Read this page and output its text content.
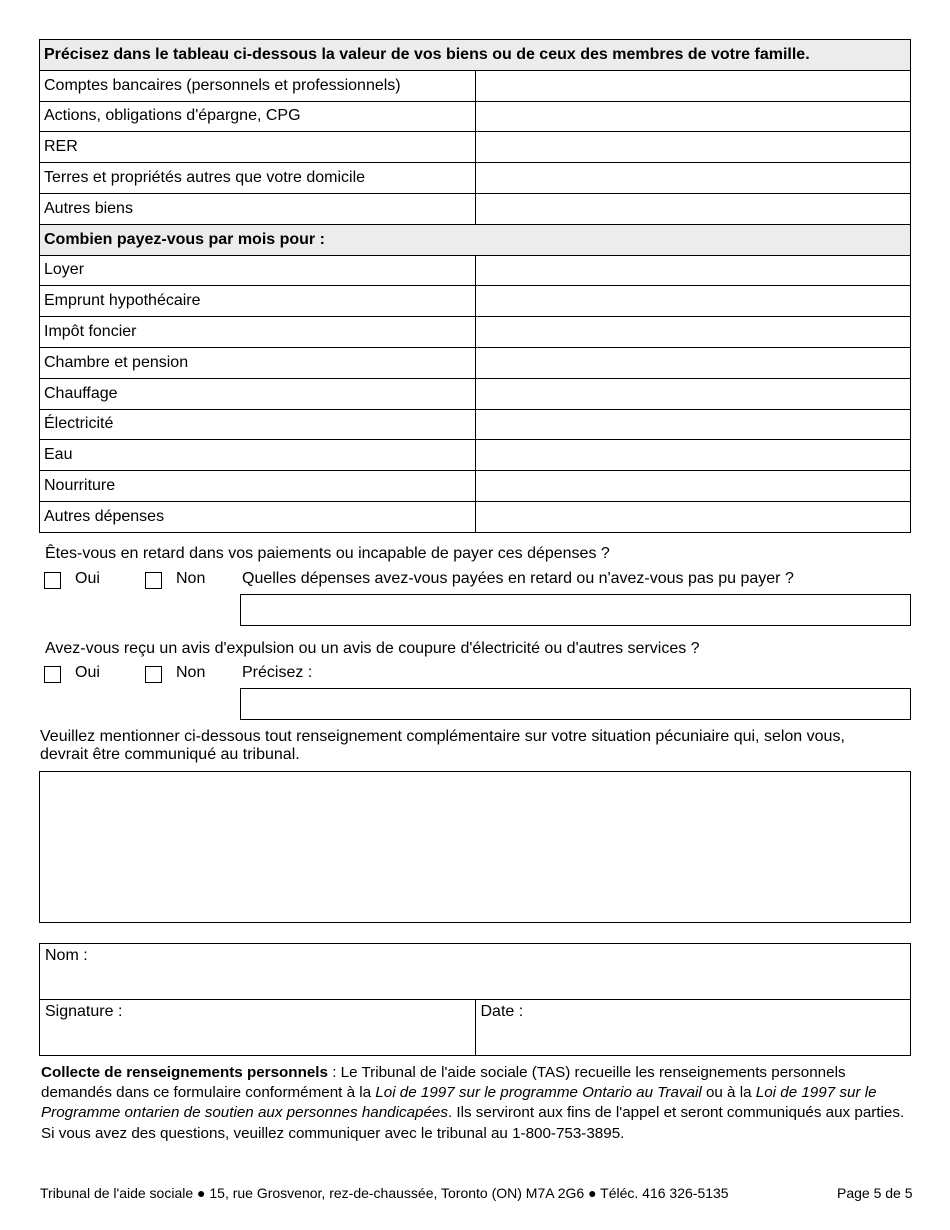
Précisez dans le tableau ci-dessous la valeur de vos biens ou de ceux des membres de votre famille.	
Comptes bancaires (personnels et professionnels)	
Actions, obligations d'épargne, CPG	
RER	
Terres et propriétés autres que votre domicile	
Autres biens	
Combien payez-vous par mois pour :	
Loyer	
Emprunt hypothécaire	
Impôt foncier	
Chambre et pension	
Chauffage	
Électricité	
Eau	
Nourriture	
Autres dépenses	
Êtes-vous en retard dans vos paiements ou incapable de payer ces dépenses ?
Oui	Non Quelles dépenses avez-vous payées en retard ou n'avez-vous pas pu payer ?
Avez-vous reçu un avis d'expulsion ou un avis de coupure d'électricité ou d'autres services ?
Oui	Non Précisez :
Veuillez mentionner ci-dessous tout renseignement complémentaire sur votre situation pécuniaire qui, selon vous,
devrait être communiqué au tribunal.
Nom :
Signature :	Date :
Collecte de renseignements personnels : Le Tribunal de l'aide sociale (TAS) recueille les renseignements personnels demandés dans ce formulaire conformément à la Loi de 1997 sur le programme Ontario au Travail ou à la Loi de 1997 sur le Programme ontarien de soutien aux personnes handicapées. Ils serviront aux fins de l'appel et seront communiqués aux parties. Si vous avez des questions, veuillez communiquer avec le tribunal au 1-800-753-3895.
Tribunal de l'aide sociale ● 15, rue Grosvenor, rez-de-chaussée, Toronto (ON) M7A 2G6 ● Téléc. 416 326-5135	Page 5 de 5
